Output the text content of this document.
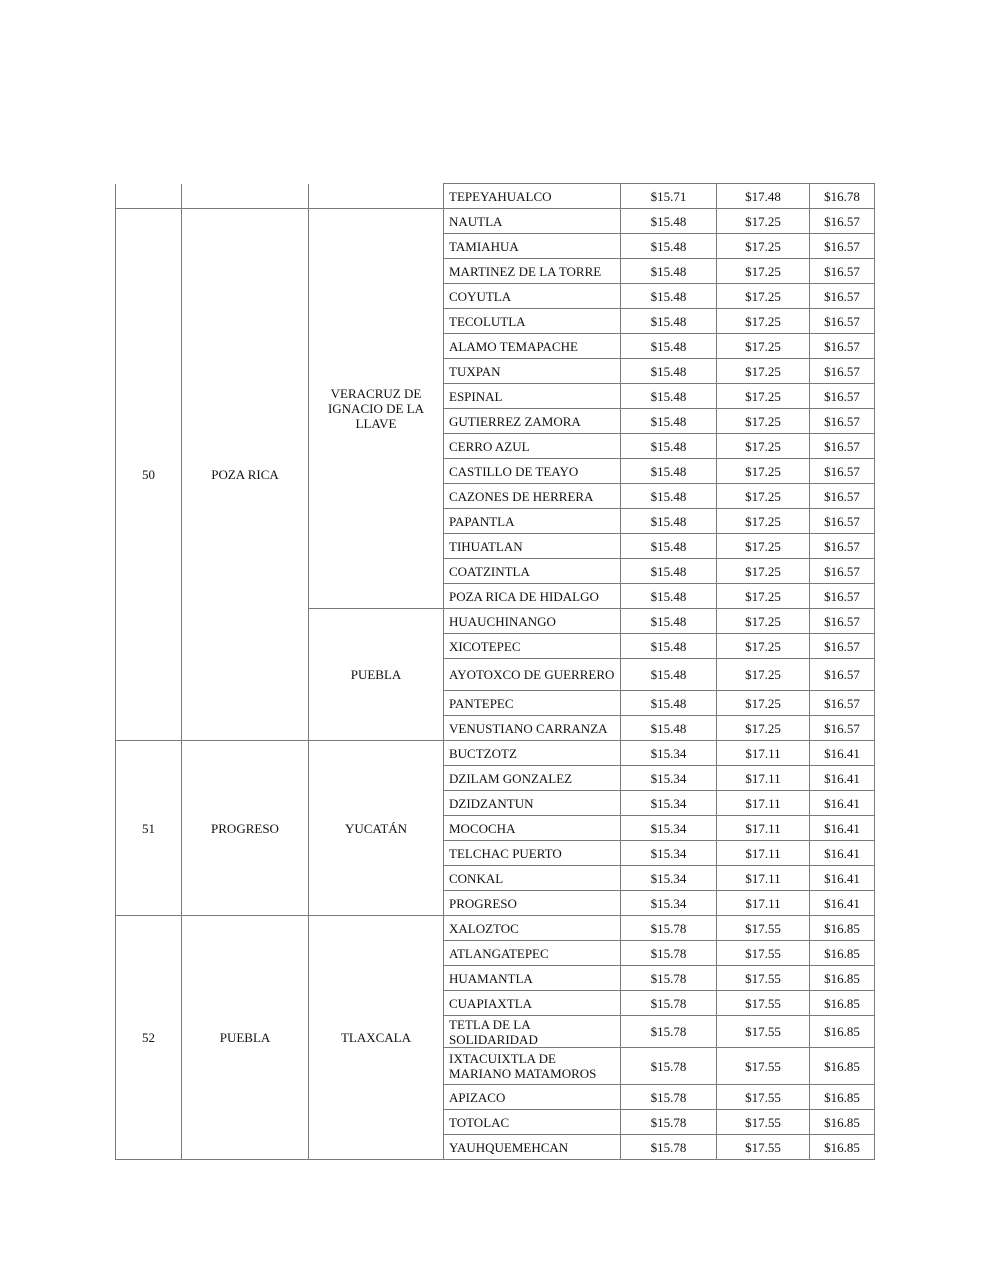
			TEPEYAHUALCO	$15.71	$17.48	$16.78
50	POZA RICA	VERACRUZ DE IGNACIO DE LA LLAVE	NAUTLA	$15.48	$17.25	$16.57
			TAMIAHUA	$15.48	$17.25	$16.57
			MARTINEZ DE LA TORRE	$15.48	$17.25	$16.57
			COYUTLA	$15.48	$17.25	$16.57
			TECOLUTLA	$15.48	$17.25	$16.57
			ALAMO TEMAPACHE	$15.48	$17.25	$16.57
			TUXPAN	$15.48	$17.25	$16.57
			ESPINAL	$15.48	$17.25	$16.57
			GUTIERREZ ZAMORA	$15.48	$17.25	$16.57
			CERRO AZUL	$15.48	$17.25	$16.57
			CASTILLO DE TEAYO	$15.48	$17.25	$16.57
			CAZONES DE HERRERA	$15.48	$17.25	$16.57
			PAPANTLA	$15.48	$17.25	$16.57
			TIHUATLAN	$15.48	$17.25	$16.57
			COATZINTLA	$15.48	$17.25	$16.57
			POZA RICA DE HIDALGO	$15.48	$17.25	$16.57
		PUEBLA	HUAUCHINANGO	$15.48	$17.25	$16.57
			XICOTEPEC	$15.48	$17.25	$16.57
			AYOTOXCO DE GUERRERO	$15.48	$17.25	$16.57
			PANTEPEC	$15.48	$17.25	$16.57
			VENUSTIANO CARRANZA	$15.48	$17.25	$16.57
51	PROGRESO	YUCATÁN	BUCTZOTZ	$15.34	$17.11	$16.41
			DZILAM GONZALEZ	$15.34	$17.11	$16.41
			DZIDZANTUN	$15.34	$17.11	$16.41
			MOCOCHA	$15.34	$17.11	$16.41
			TELCHAC PUERTO	$15.34	$17.11	$16.41
			CONKAL	$15.34	$17.11	$16.41
			PROGRESO	$15.34	$17.11	$16.41
52	PUEBLA	TLAXCALA	XALOZTOC	$15.78	$17.55	$16.85
			ATLANGATEPEC	$15.78	$17.55	$16.85
			HUAMANTLA	$15.78	$17.55	$16.85
			CUAPIAXTLA	$15.78	$17.55	$16.85
			TETLA DE LA SOLIDARIDAD	$15.78	$17.55	$16.85
			IXTACUIXTLA DE MARIANO MATAMOROS	$15.78	$17.55	$16.85
			APIZACO	$15.78	$17.55	$16.85
			TOTOLAC	$15.78	$17.55	$16.85
			YAUHQUEMEHCAN	$15.78	$17.55	$16.85
